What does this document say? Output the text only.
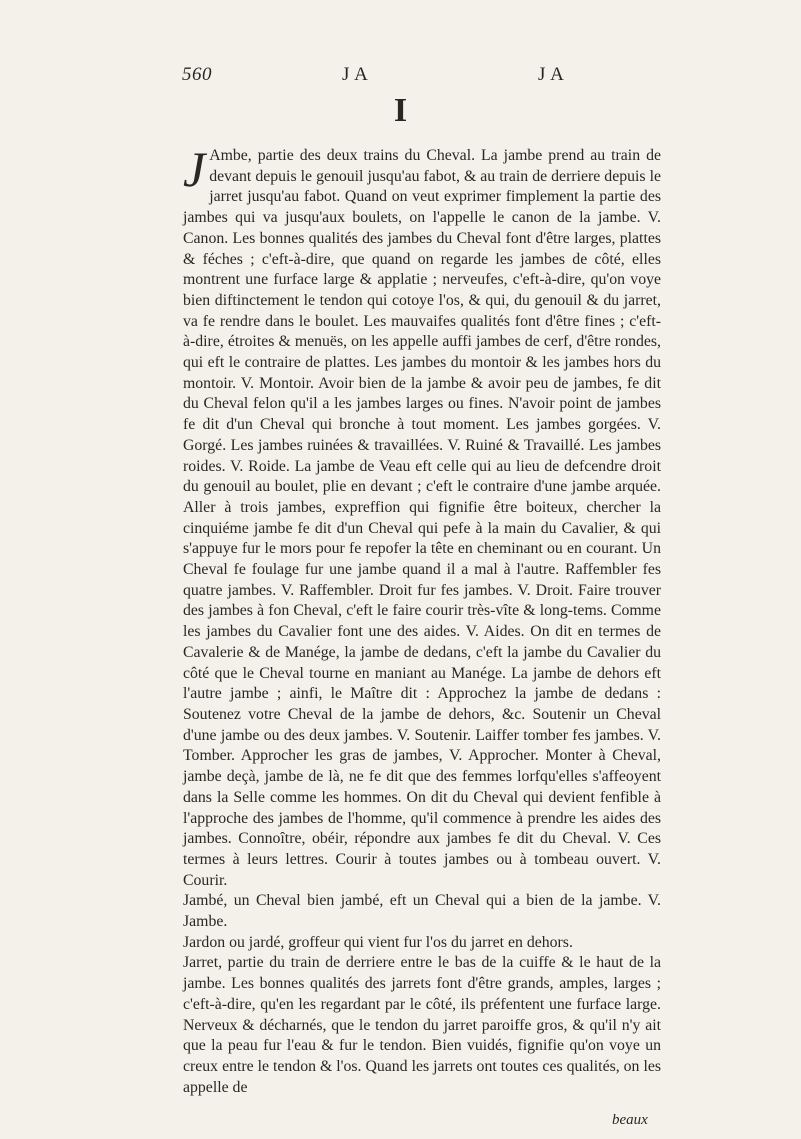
560	J A	J A
I

J Ambe, partie des deux trains du Cheval. La jambe prend au train de devant depuis le genouil jusqu'au fabot, & au train de derriere depuis le jarret jusqu'au fabot. Quand on veut exprimer fimplement la partie des jambes qui va jusqu'aux boulets, on l'appelle le canon de la jambe. V. Canon. Les bonnes qualités des jambes du Cheval font d'être larges, plattes & féches ; c'eft-à-dire, que quand on regarde les jambes de côté, elles montrent une furface large & applatie ; nerveufes, c'eft-à-dire, qu'on voye bien diftinctement le tendon qui cotoye l'os, & qui, du genouil & du jarret, va fe rendre dans le boulet. Les mauvaifes qualités font d'être fines ; c'eft-à-dire, étroites & menuës, on les appelle auffi jambes de cerf, d'être rondes, qui eft le contraire de plattes. Les jambes du montoir & les jambes hors du montoir. V. Montoir. Avoir bien de la jambe & avoir peu de jambes, fe dit du Cheval felon qu'il a les jambes larges ou fines. N'avoir point de jambes fe dit d'un Cheval qui bronche à tout moment. Les jambes gorgées. V. Gorgé. Les jambes ruinées & travaillées. V. Ruiné & Travaillé. Les jambes roides. V. Roide. La jambe de Veau eft celle qui au lieu de defcendre droit du genouil au boulet, plie en devant ; c'eft le contraire d'une jambe arquée. Aller à trois jambes, expreffion qui fignifie être boiteux, chercher la cinquiéme jambe fe dit d'un Cheval qui pefe à la main du Cavalier, & qui s'appuye fur le mors pour fe repofer la tête en cheminant ou en courant. Un Cheval fe foulage fur une jambe quand il a mal à l'autre. Raffembler fes quatre jambes. V. Raffembler. Droit fur fes jambes. V. Droit. Faire trouver des jambes à fon Cheval, c'eft le faire courir très-vîte & long-tems. Comme les jambes du Cavalier font une des aides. V. Aides. On dit en termes de Cavalerie & de Manége, la jambe de dedans, c'eft la jambe du Cavalier du côté que le Cheval tourne en maniant au Manége. La jambe de dehors eft l'autre jambe ; ainfi, le Maître dit : Approchez la jambe de dedans : Soutenez votre Cheval de la jambe de dehors, &c. Soutenir un Cheval d'une jambe ou des deux jambes. V. Soutenir. Laiffer tomber fes jambes. V. Tomber. Approcher les gras de jambes, V. Approcher. Monter à Cheval, jambe deçà, jambe de là, ne fe dit que des femmes lorfqu'elles s'affeoyent dans la Selle comme les hommes. On dit du Cheval qui devient fenfible à l'approche des jambes de l'homme, qu'il commence à prendre les aides des jambes. Connoître, obéir, répondre aux jambes fe dit du Cheval. V. Ces termes à leurs lettres. Courir à toutes jambes ou à tombeau ouvert. V. Courir.

Jambé, un Cheval bien jambé, eft un Cheval qui a bien de la jambe. V. Jambe.

Jardon ou jardé, groffeur qui vient fur l'os du jarret en dehors.

Jarret, partie du train de derriere entre le bas de la cuiffe & le haut de la jambe. Les bonnes qualités des jarrets font d'être grands, amples, larges ; c'eft-à-dire, qu'en les regardant par le côté, ils préfentent une furface large. Nerveux & décharnés, que le tendon du jarret paroiffe gros, & qu'il n'y ait que la peau fur l'eau & fur le tendon. Bien vuidés, fignifie qu'on voye un creux entre le tendon & l'os. Quand les jarrets ont toutes ces qualités, on les appelle de

beaux
